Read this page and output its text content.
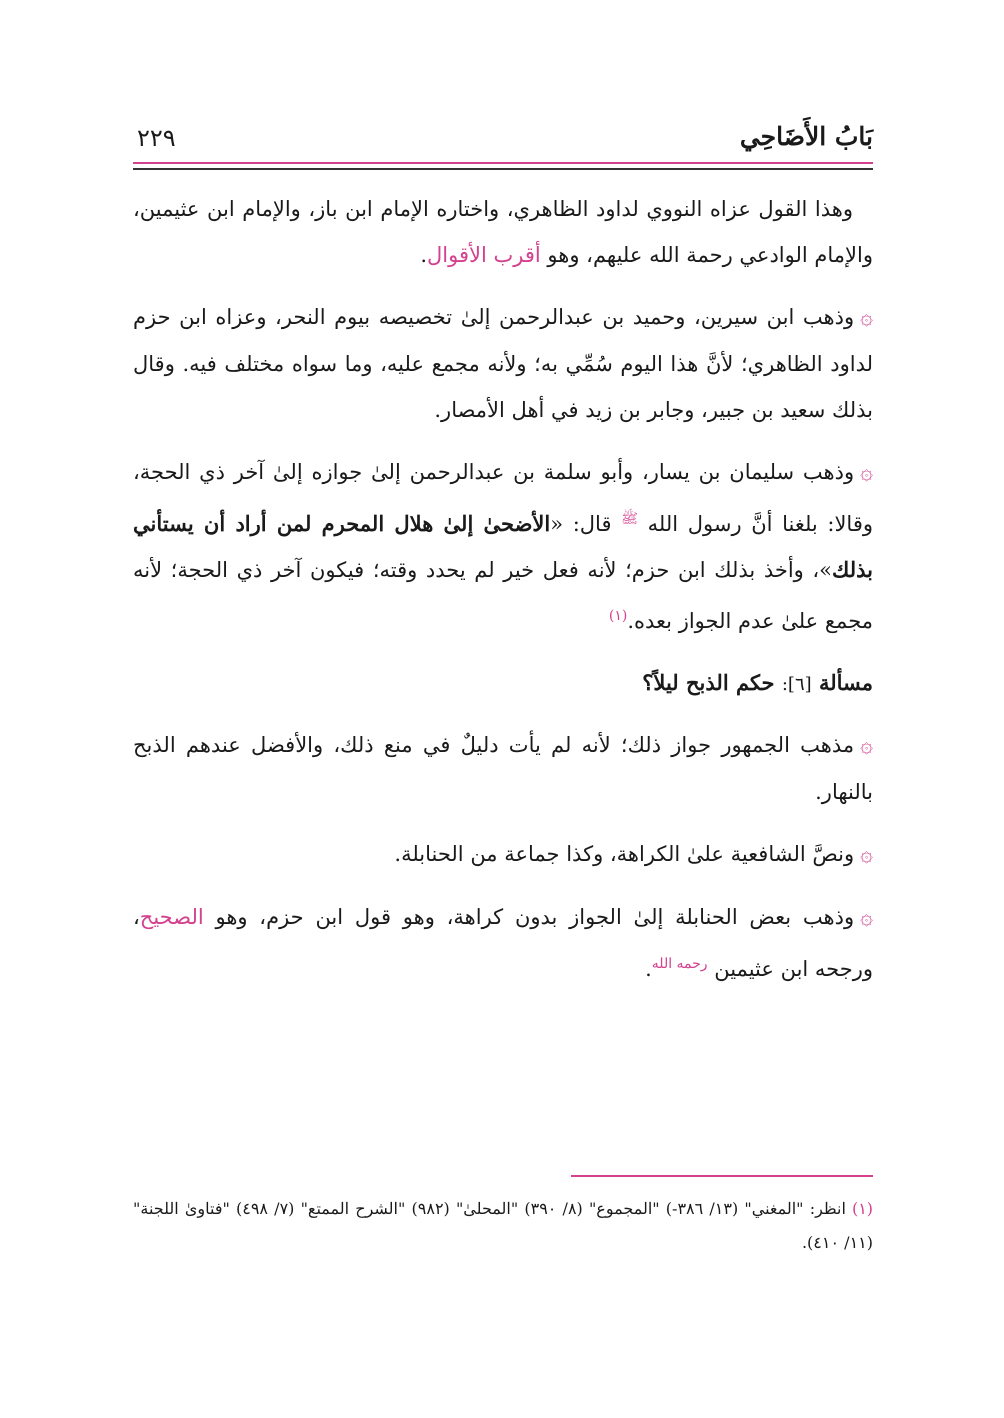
بَابُ الأَضَاحِي
٢٢٩

وهذا القول عزاه النووي لداود الظاهري، واختاره الإمام ابن باز، والإمام ابن عثيمين، والإمام الوادعي رحمة الله عليهم، وهو أقرب الأقوال.

۞وذهب ابن سيرين، وحميد بن عبدالرحمن إلىٰ تخصيصه بيوم النحر، وعزاه ابن حزم لداود الظاهري؛ لأنَّ هذا اليوم سُمِّي به؛ ولأنه مجمع عليه، وما سواه مختلف فيه. وقال بذلك سعيد بن جبير، وجابر بن زيد في أهل الأمصار.

۞وذهب سليمان بن يسار، وأبو سلمة بن عبدالرحمن إلىٰ جوازه إلىٰ آخر ذي الحجة، وقالا: بلغنا أنَّ رسول الله $^ﷺ$ قال: «الأضحىٰ إلىٰ هلال المحرم لمن أراد أن يستأني بذلك»، وأخذ بذلك ابن حزم؛ لأنه فعل خير لم يحدد وقته؛ فيكون آخر ذي الحجة؛ لأنه مجمع علىٰ عدم الجواز بعده.$^{(١)}$

مسألة [٦]: حكم الذبح ليلاً؟

۞مذهب الجمهور جواز ذلك؛ لأنه لم يأت دليلٌ في منع ذلك، والأفضل عندهم الذبح بالنهار.

۞ونصَّ الشافعية علىٰ الكراهة، وكذا جماعة من الحنابلة.

۞وذهب بعض الحنابلة إلىٰ الجواز بدون كراهة، وهو قول ابن حزم، وهو الصحيح، ورجحه ابن عثيمين $^{رحمه الله}$.

(١)انظر: "المغني" (١٣/ ٣٨٦-) "المجموع" (٨/ ٣٩٠) "المحلىٰ" (٩٨٢) "الشرح الممتع" (٧/ ٤٩٨) "فتاوىٰ اللجنة" (١١/ ٤١٠).
